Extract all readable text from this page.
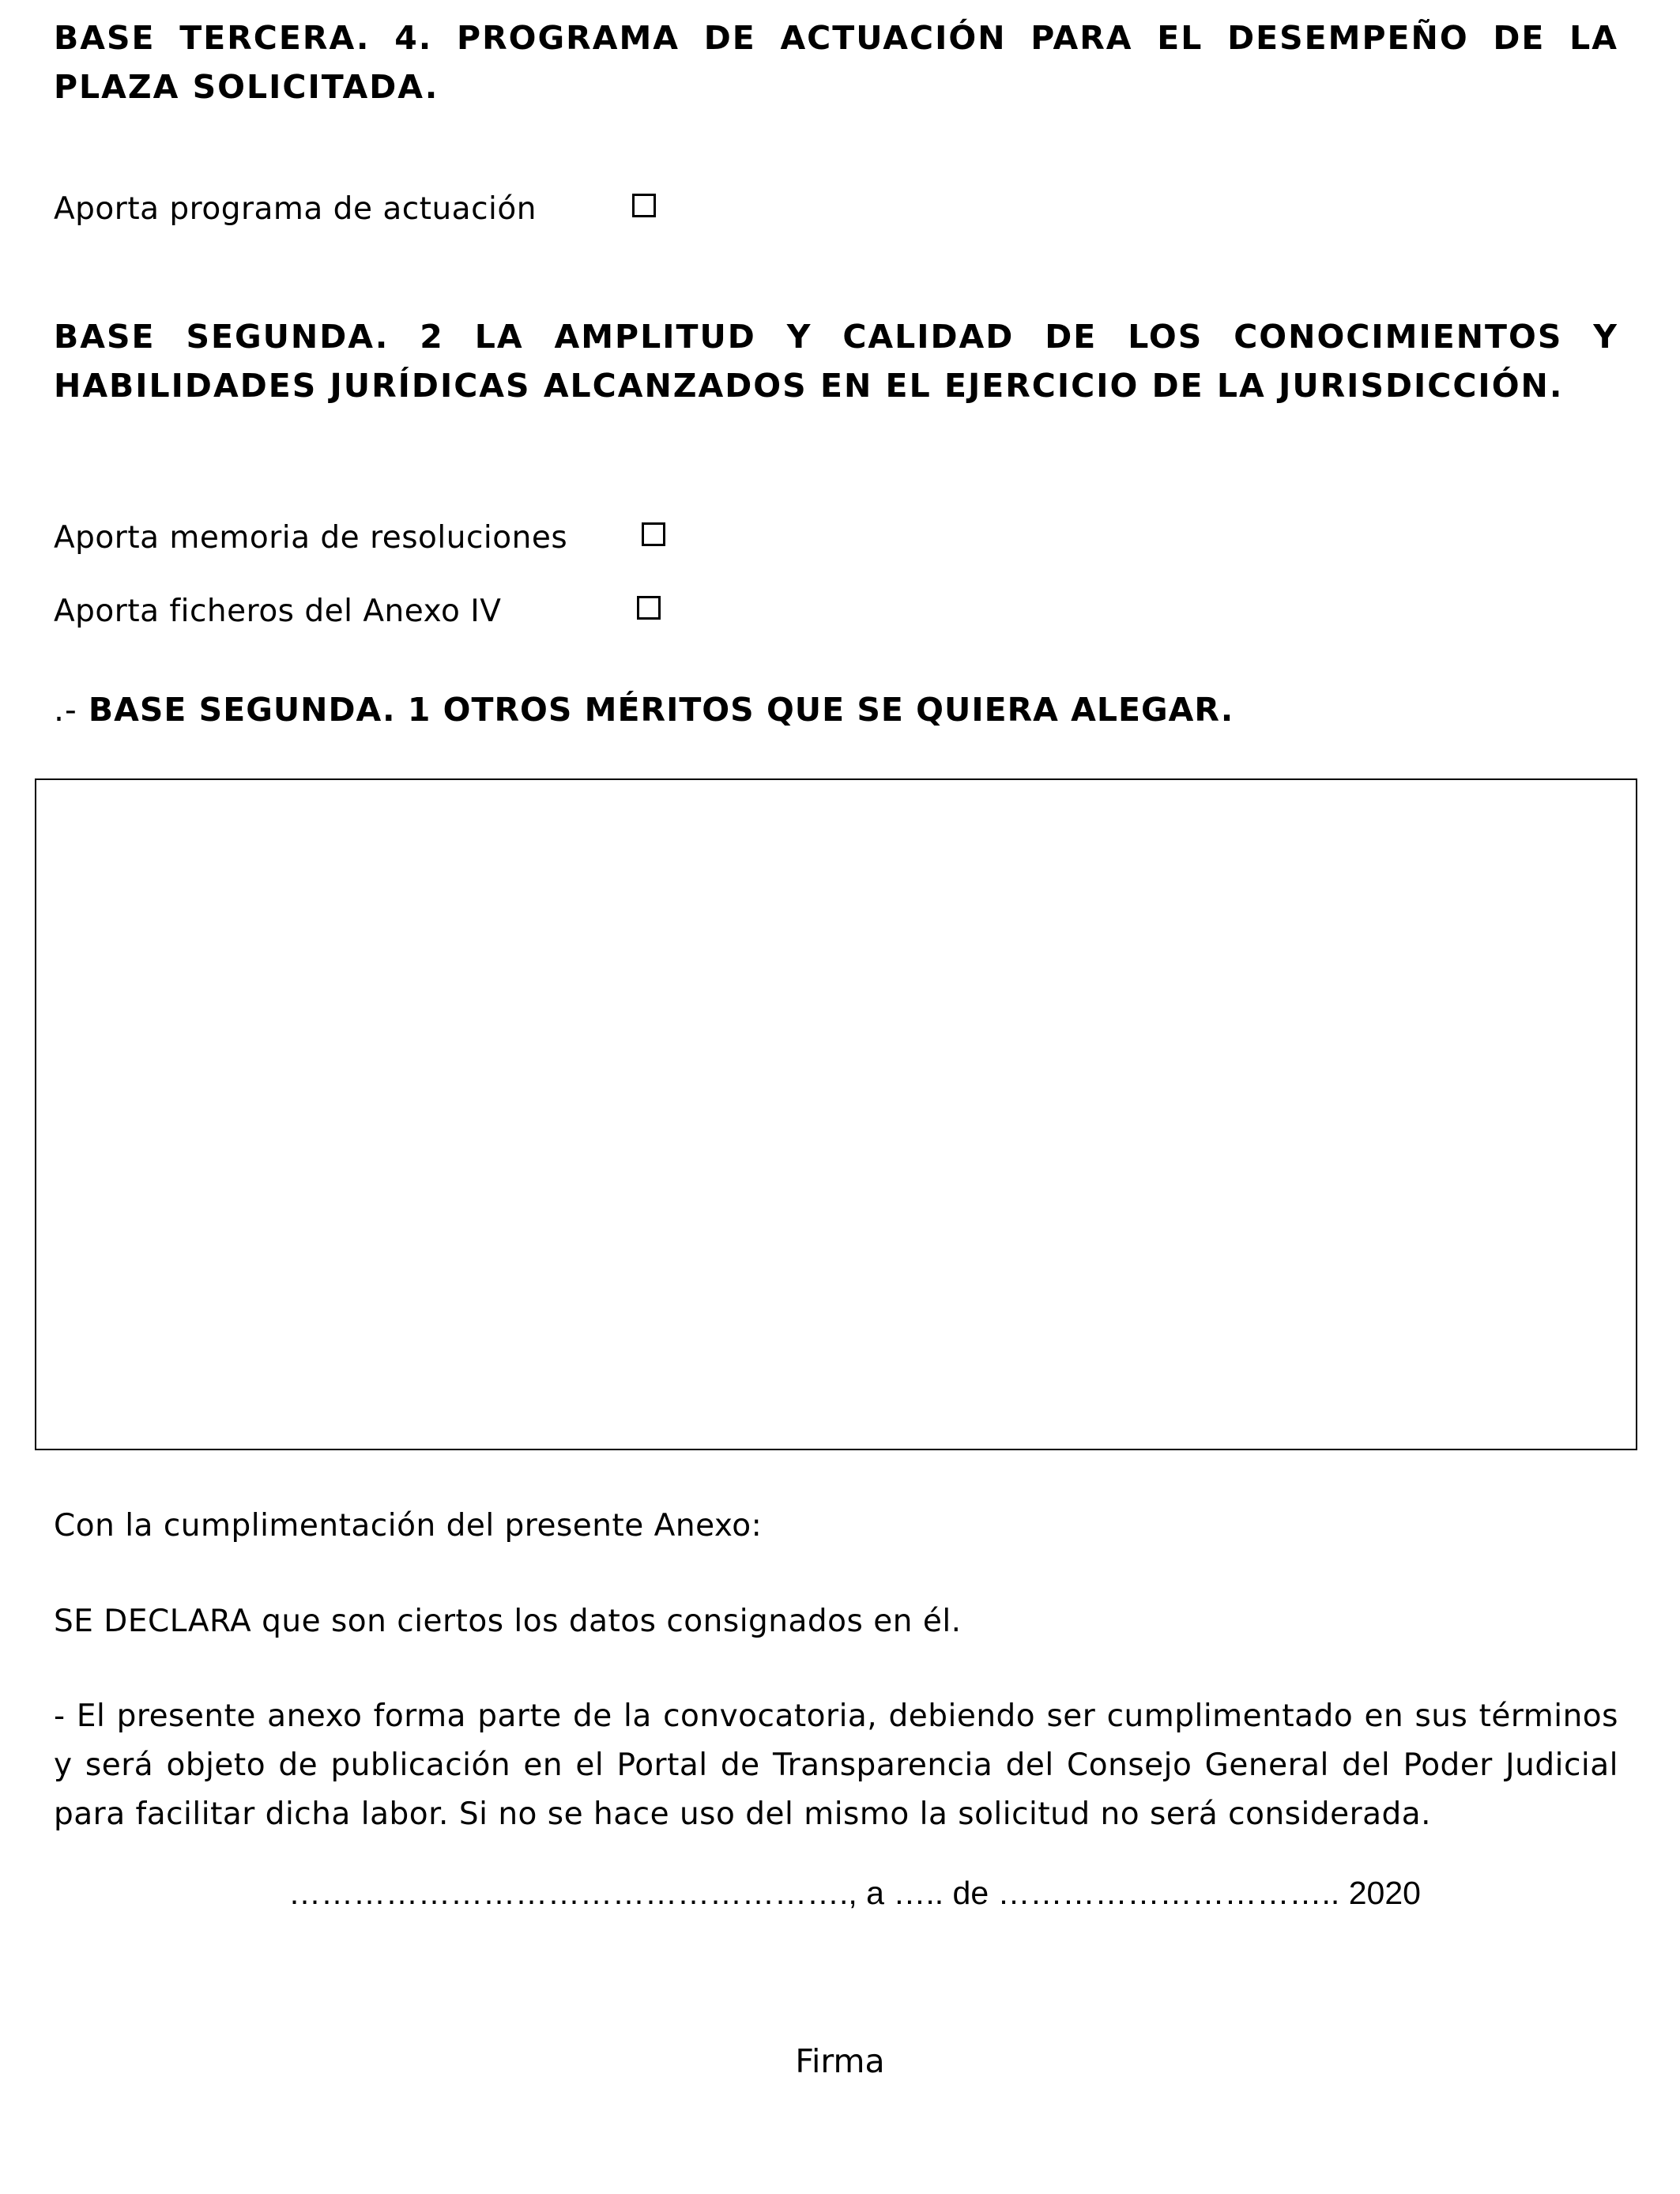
BASE TERCERA. 4. PROGRAMA DE ACTUACIÓN PARA EL DESEMPEÑO DE LA PLAZA SOLICITADA.

Aporta programa de actuación

BASE SEGUNDA. 2 LA AMPLITUD Y CALIDAD DE LOS CONOCIMIENTOS Y HABILIDADES JURÍDICAS ALCANZADOS EN EL EJERCICIO DE LA JURISDICCIÓN.

Aporta memoria de resoluciones

Aporta ficheros del Anexo IV

.- BASE SEGUNDA. 1 OTROS MÉRITOS QUE SE QUIERA ALEGAR.

Con la cumplimentación del presente Anexo:

SE DECLARA que son ciertos los datos consignados en él.

- El presente anexo forma parte de la convocatoria, debiendo ser cumplimentado en sus términos y será objeto de publicación en el Portal de Transparencia del Consejo General del Poder Judicial para facilitar dicha labor. Si no se hace uso del mismo la solicitud no será considerada.

……………………………………………., a ….. de ………………………….. 2020

Firma
